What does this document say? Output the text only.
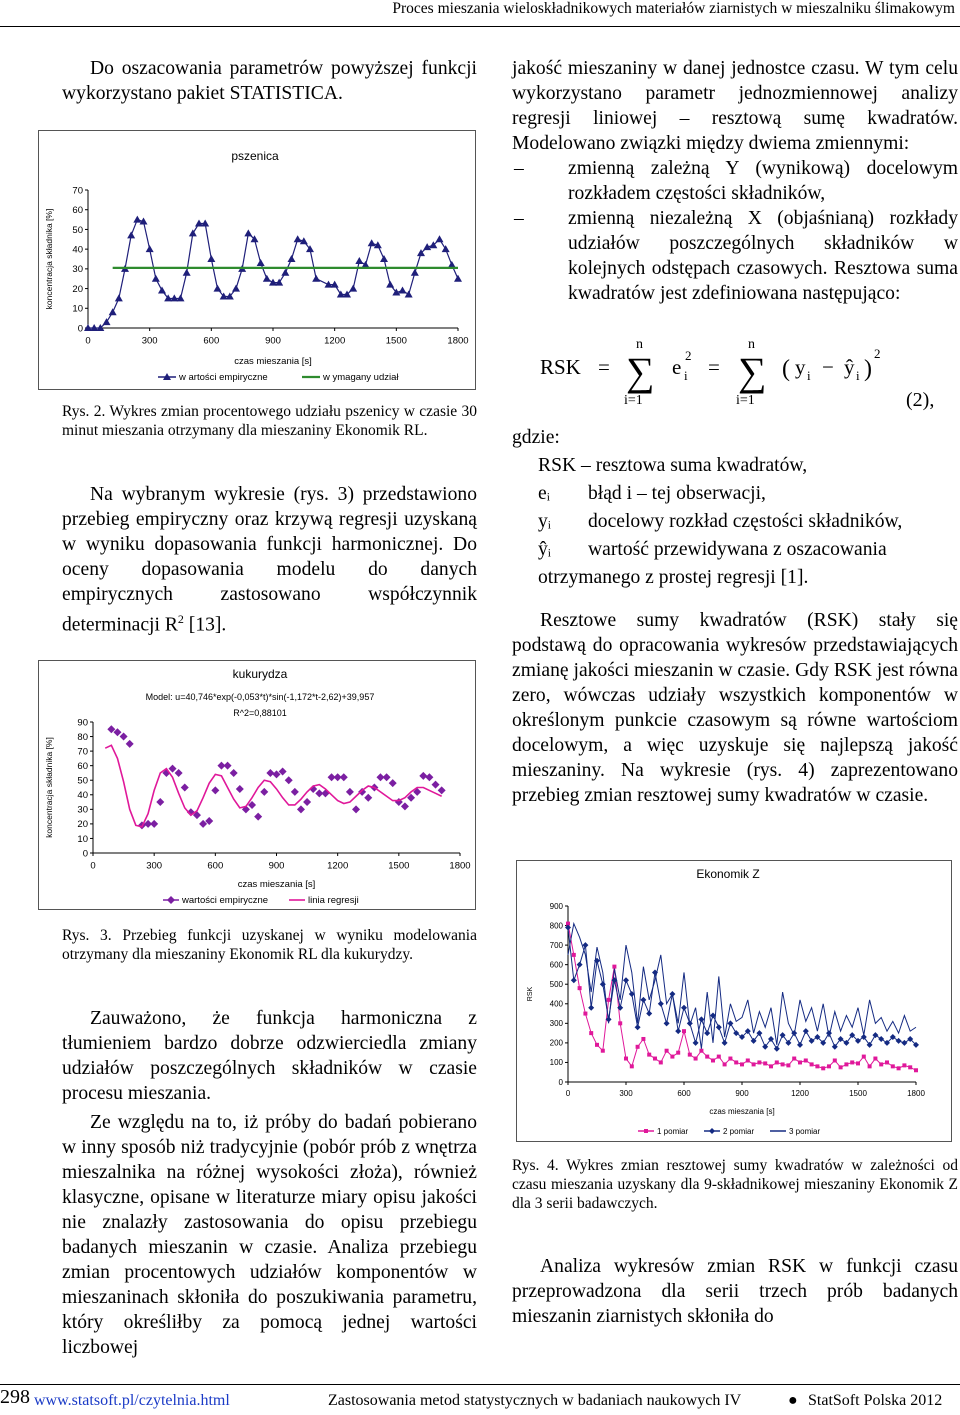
Proces mieszania wieloskładnikowych materiałów ziarnistych w mieszalniku ślimakowym

Do oszacowania parametrów powyższej funkcji wykorzystano pakiet STATISTICA.

0
10
20
30
40
50
60
70
0	300	600	900	1200	1500	1800
pszenica
czas mieszania [s]
koncentracja składnika [%]
w artości empiryczne	w ymagany udział
Rys. 2. Wykres zmian procentowego udziału pszenicy w czasie 30 minut mieszania otrzymany dla mieszaniny Ekonomik RL.

Na wybranym wykresie (rys. 3) przedstawiono przebieg empiryczny oraz krzywą regresji uzyskaną w wyniku dopasowania funkcji harmonicznej. Do oceny dopasowania modelu do danych empirycznych zastosowano współczynnik determinacji $R^2$ [13].

0
10
20
30
40
50
60
70
80
90
0	300	600	900	1200	1500	1800
kukurydza
Model: u=40,746*exp(-0,053*t)*sin(-1,172*t-2,62)+39,957
R^2=0,88101
czas mieszania [s]
koncentracja składnika [%]
wartości empiryczne	linia regresji
Rys. 3. Przebieg funkcji uzyskanej w wyniku modelowania otrzymany dla mieszaniny Ekonomik RL dla kukurydzy.

Zauważono, że funkcja harmoniczna z tłumieniem bardzo dobrze odzwierciedla zmiany udziałów poszczególnych składników w czasie procesu mieszania.

Ze względu na to, iż próby do badań pobierano w inny sposób niż tradycyjnie (pobór prób z wnętrza mieszalnika na różnej wysokości złoża), również klasyczne, opisane w literaturze miary opisu jakości nie znalazły zastosowania do opisu przebiegu badanych mieszanin w czasie. Analiza przebiegu zmian procentowych udziałów komponentów w mieszaninach skłoniła do poszukiwania parametru, który określiłby za pomocą jednej wartości liczbowej

jakość mieszaniny w danej jednostce czasu. W tym celu wykorzystano parametr jednozmiennowej analizy regresji liniowej – resztową sumę kwadratów. Modelowano związki między dwiema zmiennymi:

– zmienną zależną Y (wynikową) docelowym rozkładem częstości składników,
– zmienną niezależną X (objaśnianą) rozkłady udziałów poszczególnych składników w kolejnych odstępach czasowych. Resztowa suma kwadratów jest zdefiniowana następująco:
RSK = ∑
n
i=1
e i
2 = ∑
n
i=1
( y i − ŷ i )
2
(2),
gdzie:
RSK – resztowa suma kwadratów,
eᵢ	błąd i – tej obserwacji,
yᵢ	docelowy rozkład częstości składników,
ŷᵢ	wartość przewidywana z oszacowania
otrzymanego z prostej regresji [1].

Resztowe sumy kwadratów (RSK) stały się podstawą do opracowania wykresów przedstawiających zmianę jakości mieszanin w czasie. Gdy RSK jest równa zero, wówczas udziały wszystkich komponentów w określonym punkcie czasowym są równe wartościom docelowym, a więc uzyskuje się najlepszą jakość mieszaniny. Na wykresie (rys. 4) zaprezentowano przebieg zmian resztowej sumy kwadratów w czasie.

0
100
200
300
400
500
600
700
800
900
0	300	600	900	1200	1500	1800
Ekonomik Z
czas mieszania [s]
RSK
1 pomiar	2 pomiar	3 pomiar
Rys. 4. Wykres zmian resztowej sumy kwadratów w zależności od czasu mieszania uzyskany dla 9-składnikowej mieszaniny Ekonomik Z dla 3 serii badawczych.

Analiza wykresów zmian RSK w funkcji czasu przeprowadzona dla serii trzech prób badanych mieszanin ziarnistych skłoniła do

298 www.statsoft.pl/czytelnia.html	Zastosowania metod statystycznych w badaniach naukowych IV	● StatSoft Polska 2012
